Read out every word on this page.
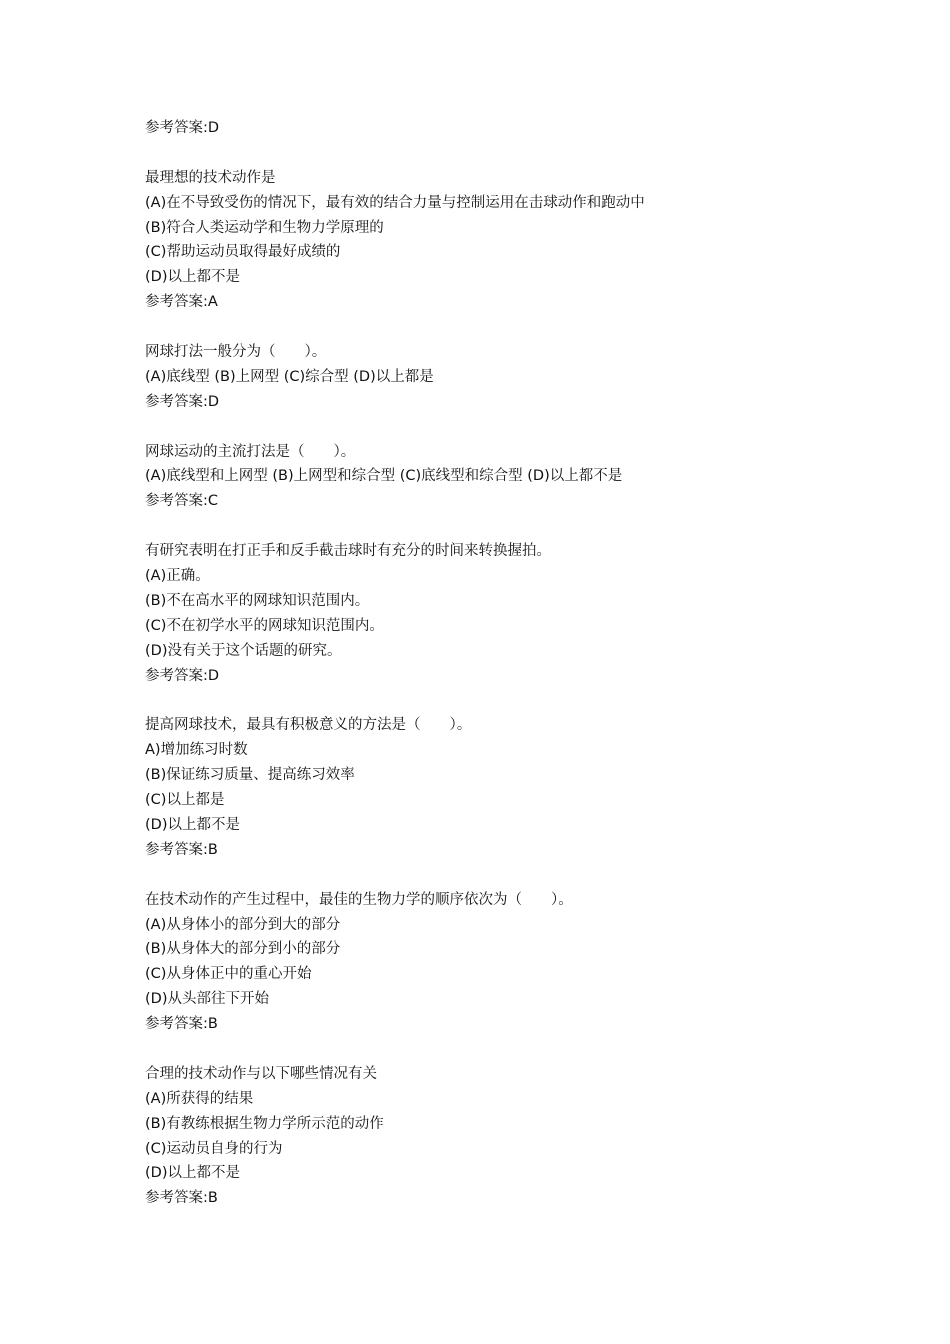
参考答案:D
最理想的技术动作是
(A)在不导致受伤的情况下，最有效的结合力量与控制运用在击球动作和跑动中
(B)符合人类运动学和生物力学原理的
(C)帮助运动员取得最好成绩的
(D)以上都不是
参考答案:A
网球打法一般分为（　　）。
(A)底线型 (B)上网型 (C)综合型 (D)以上都是
参考答案:D
网球运动的主流打法是（　　）。
(A)底线型和上网型 (B)上网型和综合型 (C)底线型和综合型 (D)以上都不是
参考答案:C
有研究表明在打正手和反手截击球时有充分的时间来转换握拍。
(A)正确。
(B)不在高水平的网球知识范围内。
(C)不在初学水平的网球知识范围内。
(D)没有关于这个话题的研究。
参考答案:D
提高网球技术，最具有积极意义的方法是（　　）。
A)增加练习时数
(B)保证练习质量、提高练习效率
(C)以上都是
(D)以上都不是
参考答案:B
在技术动作的产生过程中，最佳的生物力学的顺序依次为（　　）。
(A)从身体小的部分到大的部分
(B)从身体大的部分到小的部分
(C)从身体正中的重心开始
(D)从头部往下开始
参考答案:B
合理的技术动作与以下哪些情况有关
(A)所获得的结果
(B)有教练根据生物力学所示范的动作
(C)运动员自身的行为
(D)以上都不是
参考答案:B
